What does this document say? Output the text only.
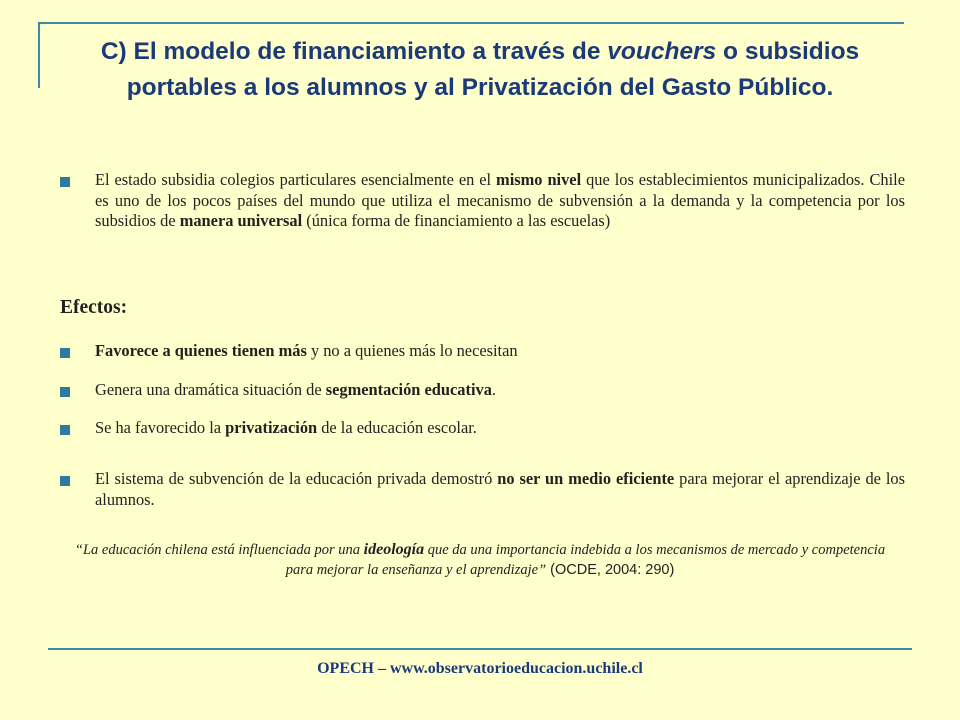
C) El modelo de financiamiento a través de vouchers o subsidios
portables a los alumnos y al Privatización del Gasto Público.
El estado subsidia colegios particulares esencialmente en el mismo nivel que los establecimientos municipalizados. Chile es uno de los pocos países del mundo que utiliza el mecanismo de subvensión a la demanda y la competencia por los subsidios de manera universal (única forma de financiamiento a las escuelas)
Efectos:
Favorece a quienes tienen más y no a quienes más lo necesitan
Genera una dramática situación de segmentación educativa.
Se ha favorecido la privatización de la educación escolar.
El sistema de subvención de la educación privada demostró no ser un medio eficiente para mejorar el aprendizaje de los alumnos.
“La educación chilena está influenciada por una ideología que da una importancia indebida a los mecanismos de mercado y competencia para mejorar la enseñanza y el aprendizaje” (OCDE, 2004: 290)
OPECH – www.observatorioeducacion.uchile.cl
